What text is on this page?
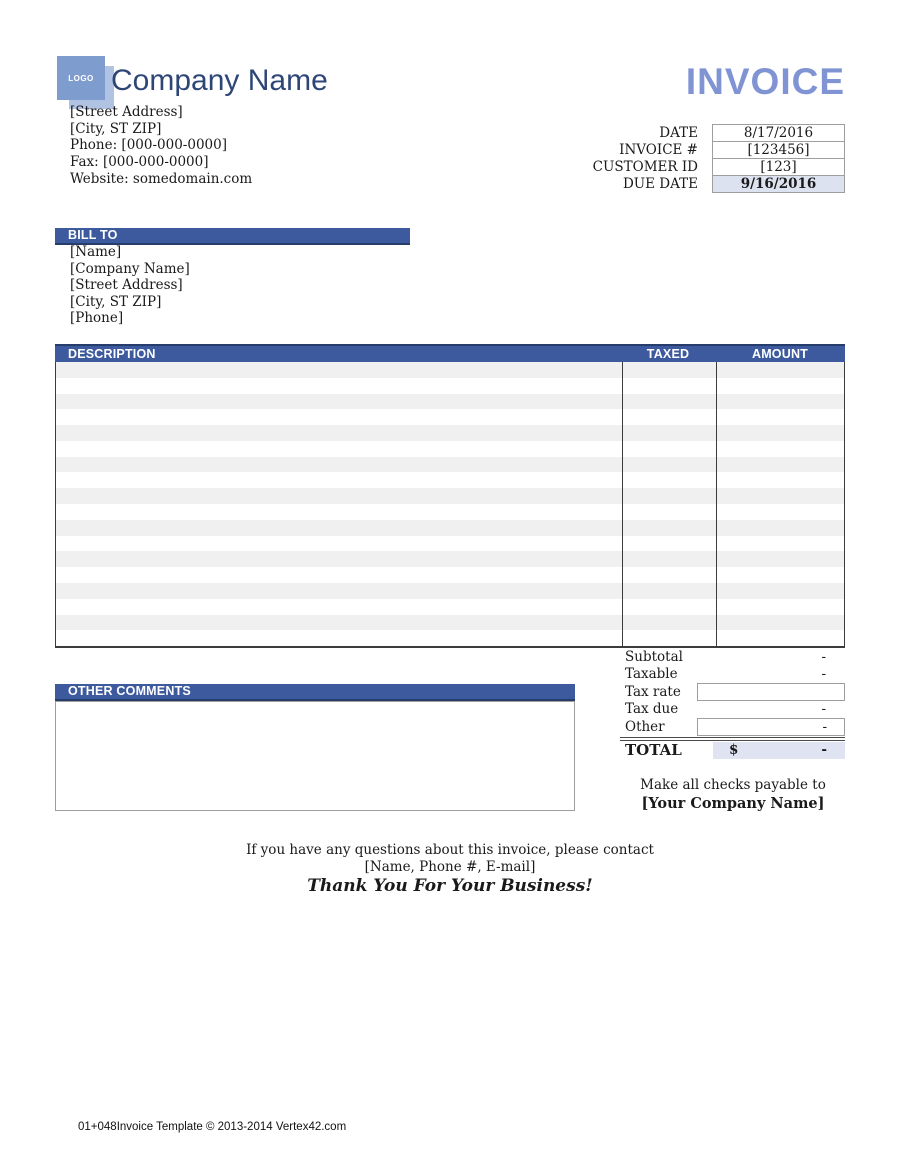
LOGO Company Name
[Street Address]
[City, ST ZIP]
Phone: [000-000-0000]
Fax: [000-000-0000]
Website: somedomain.com
INVOICE
DATE	8/17/2016
INVOICE #	[123456]
CUSTOMER ID	[123]
DUE DATE	9/16/2016
BILL TO
[Name]
[Company Name]
[Street Address]
[City, ST ZIP]
[Phone]
DESCRIPTION	TAXED	AMOUNT
Subtotal	-
Taxable	-
Tax rate
Tax due	-
Other	-
TOTAL	$	-
OTHER COMMENTS
Make all checks payable to
[Your Company Name]
If you have any questions about this invoice, please contact
[Name, Phone #, E-mail]
Thank You For Your Business!
01+048Invoice Template © 2013-2014 Vertex42.com
